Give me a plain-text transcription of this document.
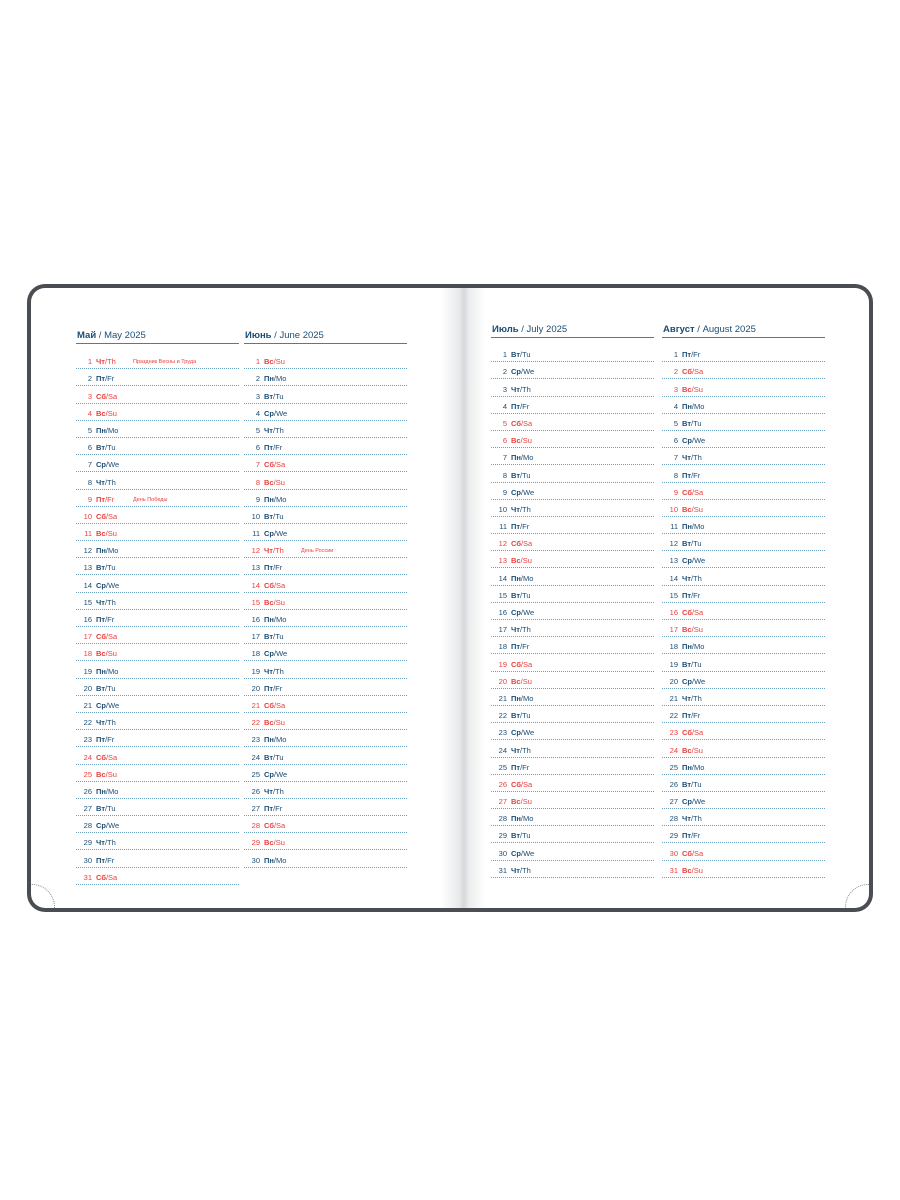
Май / May 2025
1 Чт/Th	Праздник Весны и Труда
2 Пт/Fr
3 Сб/Sa
4 Вс/Su
5 Пн/Mo
6 Вт/Tu
7 Ср/We
8 Чт/Th
9 Пт/Fr	День Победы
10 Сб/Sa
11 Вс/Su
12 Пн/Mo
13 Вт/Tu
14 Ср/We
15 Чт/Th
16 Пт/Fr
17 Сб/Sa
18 Вс/Su
19 Пн/Mo
20 Вт/Tu
21 Ср/We
22 Чт/Th
23 Пт/Fr
24 Сб/Sa
25 Вс/Su
26 Пн/Mo
27 Вт/Tu
28 Ср/We
29 Чт/Th
30 Пт/Fr
31 Сб/Sa
Июнь / June 2025
1 Вс/Su
2 Пн/Mo
3 Вт/Tu
4 Ср/We
5 Чт/Th
6 Пт/Fr
7 Сб/Sa
8 Вс/Su
9 Пн/Mo
10 Вт/Tu
11 Ср/We
12 Чт/Th	День России
13 Пт/Fr
14 Сб/Sa
15 Вс/Su
16 Пн/Mo
17 Вт/Tu
18 Ср/We
19 Чт/Th
20 Пт/Fr
21 Сб/Sa
22 Вс/Su
23 Пн/Mo
24 Вт/Tu
25 Ср/We
26 Чт/Th
27 Пт/Fr
28 Сб/Sa
29 Вс/Su
30 Пн/Mo
Июль / July 2025
1 Вт/Tu
2 Ср/We
3 Чт/Th
4 Пт/Fr
5 Сб/Sa
6 Вс/Su
7 Пн/Mo
8 Вт/Tu
9 Ср/We
10 Чт/Th
11 Пт/Fr
12 Сб/Sa
13 Вс/Su
14 Пн/Mo
15 Вт/Tu
16 Ср/We
17 Чт/Th
18 Пт/Fr
19 Сб/Sa
20 Вс/Su
21 Пн/Mo
22 Вт/Tu
23 Ср/We
24 Чт/Th
25 Пт/Fr
26 Сб/Sa
27 Вс/Su
28 Пн/Mo
29 Вт/Tu
30 Ср/We
31 Чт/Th
Август / August 2025
1 Пт/Fr
2 Сб/Sa
3 Вс/Su
4 Пн/Mo
5 Вт/Tu
6 Ср/We
7 Чт/Th
8 Пт/Fr
9 Сб/Sa
10 Вс/Su
11 Пн/Mo
12 Вт/Tu
13 Ср/We
14 Чт/Th
15 Пт/Fr
16 Сб/Sa
17 Вс/Su
18 Пн/Mo
19 Вт/Tu
20 Ср/We
21 Чт/Th
22 Пт/Fr
23 Сб/Sa
24 Вс/Su
25 Пн/Mo
26 Вт/Tu
27 Ср/We
28 Чт/Th
29 Пт/Fr
30 Сб/Sa
31 Вс/Su
